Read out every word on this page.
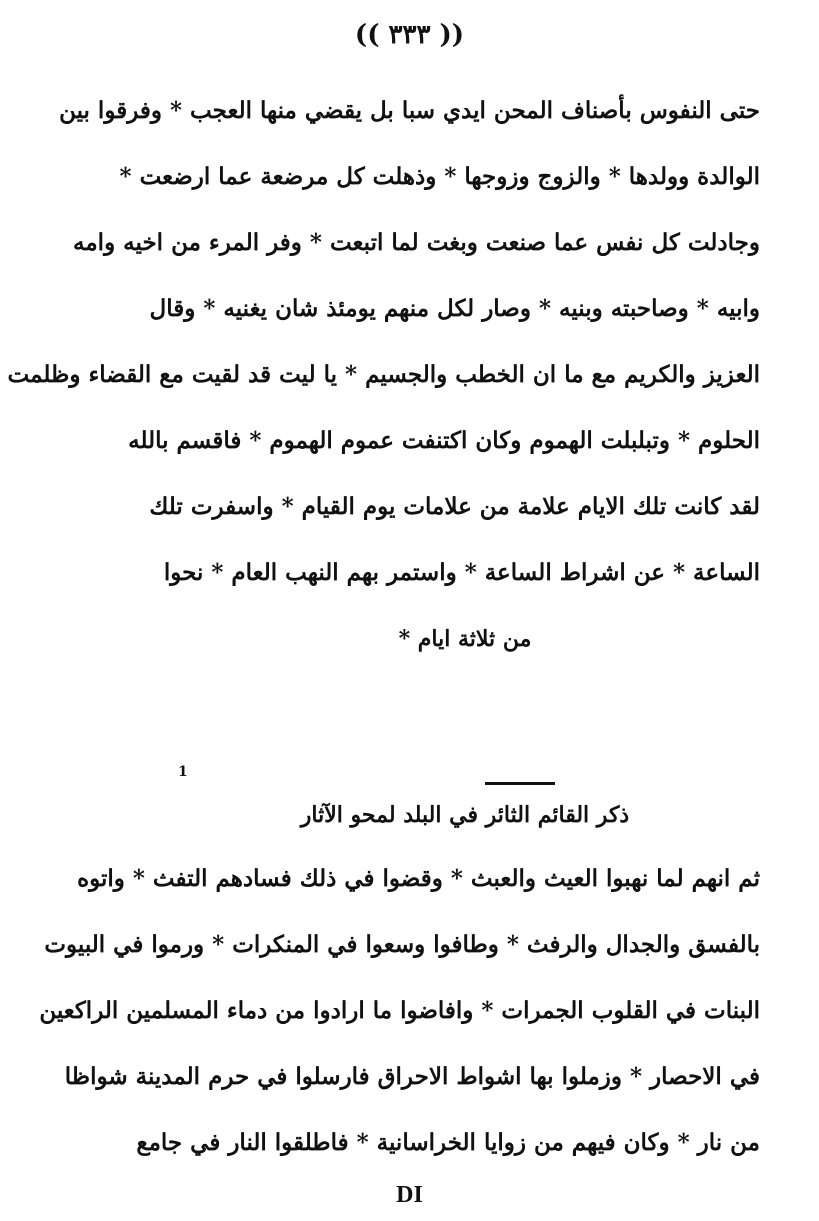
(( ٣٣٣ ))
حتى النفوس بأصناف المحن ايدي سبا بل يقضي منها العجب * وفرقوا بين
الوالدة وولدها * والزوج وزوجها * وذهلت كل مرضعة عما ارضعت *
وجادلت كل نفس عما صنعت وبغت لما اتبعت * وفر المرء من اخيه وامه
وابيه * وصاحبته وبنيه * وصار لكل منهم يومئذ شان يغنيه * وقال
العزيز والكريم مع ما ان الخطب والجسيم * يا ليت قد لقيت مع القضاء وظلمت
الحلوم * وتبلبلت الهموم وكان اكتنفت عموم الهموم * فاقسم بالله
لقد كانت تلك الايام علامة من علامات يوم القيام * واسفرت تلك
الساعة * عن اشراط الساعة * واستمر بهم النهب العام * نحوا
من ثلاثة ايام *
1
ذكر القائم الثائر في البلد لمحو الآثار
ثم انهم لما نهبوا العيث والعبث * وقضوا في ذلك فسادهم التفث * واتوه
بالفسق والجدال والرفث * وطافوا وسعوا في المنكرات * ورموا في البيوت
البنات في القلوب الجمرات * وافاضوا ما ارادوا من دماء المسلمين الراكعين
في الاحصار * وزملوا بها اشواط الاحراق فارسلوا في حرم المدينة شواظا
من نار * وكان فيهم من زوايا الخراسانية * فاطلقوا النار في جامع
DI
